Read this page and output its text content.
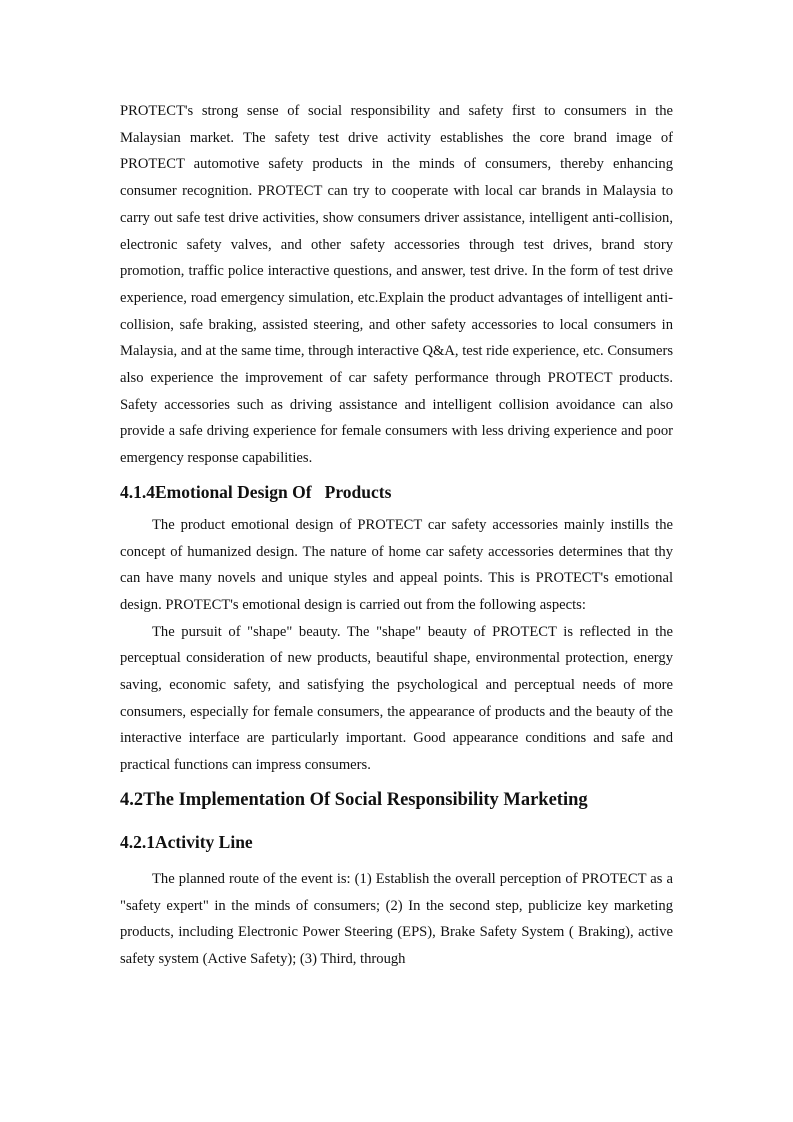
PROTECT's strong sense of social responsibility and safety first to consumers in the Malaysian market. The safety test drive activity establishes the core brand image of PROTECT automotive safety products in the minds of consumers, thereby enhancing consumer recognition. PROTECT can try to cooperate with local car brands in Malaysia to carry out safe test drive activities, show consumers driver assistance, intelligent anti-collision, electronic safety valves, and other safety accessories through test drives, brand story promotion, traffic police interactive questions, and answer, test drive. In the form of test drive experience, road emergency simulation, etc.Explain the product advantages of intelligent anti-collision, safe braking, assisted steering, and other safety accessories to local consumers in Malaysia, and at the same time, through interactive Q&A, test ride experience, etc. Consumers also experience the improvement of car safety performance through PROTECT products. Safety accessories such as driving assistance and intelligent collision avoidance can also provide a safe driving experience for female consumers with less driving experience and poor emergency response capabilities.

4.1.4Emotional Design Of   Products

The product emotional design of PROTECT car safety accessories mainly instills the concept of humanized design. The nature of home car safety accessories determines that thy can have many novels and unique styles and appeal points. This is PROTECT's emotional design. PROTECT's emotional design is carried out from the following aspects:

The pursuit of "shape" beauty. The "shape" beauty of PROTECT is reflected in the perceptual consideration of new products, beautiful shape, environmental protection, energy saving, economic safety, and satisfying the psychological and perceptual needs of more consumers, especially for female consumers, the appearance of products and the beauty of the interactive interface are particularly important. Good appearance conditions and safe and practical functions can impress consumers.

4.2The Implementation Of Social Responsibility Marketing

4.2.1Activity Line

The planned route of the event is: (1) Establish the overall perception of PROTECT as a "safety expert" in the minds of consumers; (2) In the second step, publicize key marketing products, including Electronic Power Steering (EPS), Brake Safety System ( Braking), active safety system (Active Safety); (3) Third, through
